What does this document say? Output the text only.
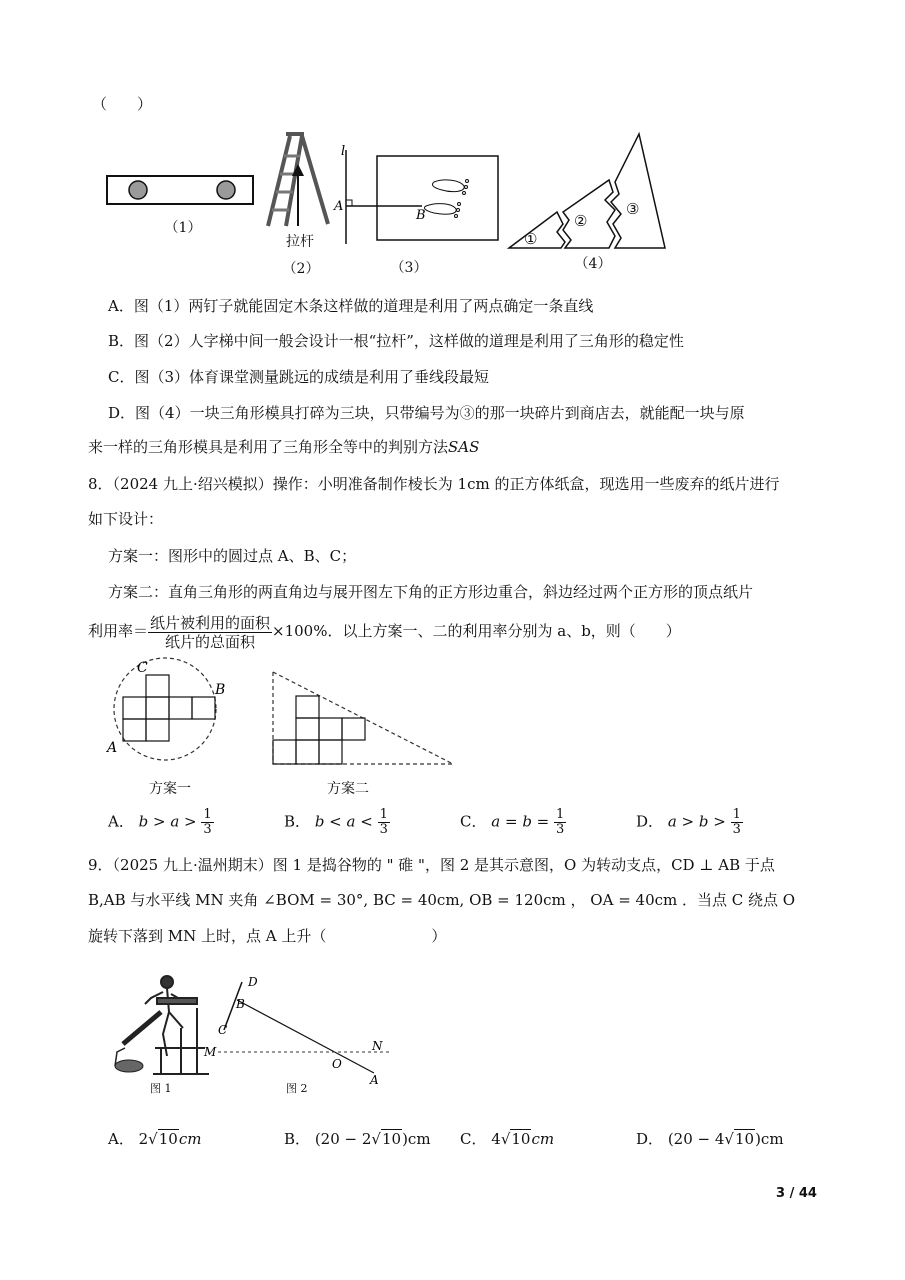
（　　）
（1）
拉杆
（2）
l
A
B
（3）
①
②
③
（4）
A．图（1）两钉子就能固定木条这样做的道理是利用了两点确定一条直线
B．图（2）人字梯中间一般会设计一根“拉杆”，这样做的道理是利用了三角形的稳定性
C．图（3）体育课堂测量跳远的成绩是利用了垂线段最短
D．图（4）一块三角形模具打碎为三块，只带编号为③的那一块碎片到商店去，就能配一块与原
来一样的三角形模具是利用了三角形全等中的判别方法SAS
8．（2024 九上·绍兴模拟）操作：小明准备制作棱长为 1cm 的正方体纸盒，现选用一些废弃的纸片进行
如下设计：
方案一：图形中的圆过点 A、B、C；
方案二：直角三角形的两直角边与展开图左下角的正方形边重合，斜边经过两个正方形的顶点纸片
利用率＝ $\frac{\text{纸片被利用的面积}}{\text{纸片的总面积}} \times 100\%$．以上方案一、二的利用率分别为 a、b，则（　　）
C
B
A
方案一	方案二
A． $b > a > \frac{1}{3}$	B． $b < a < \frac{1}{3}$	C． $a = b = \frac{1}{3}$	D． $a > b > \frac{1}{3}$
9．（2025 九上·温州期末）图 1 是捣谷物的 " 碓 "，图 2 是其示意图，O 为转动支点，CD ⊥ AB 于点
B,AB 与水平线 MN 夹角 ∠BOM = 30°, BC = 40cm, OB = 120cm ， OA = 40cm ．当点 C 绕点 O
旋转下落到 MN 上时，点 A 上升（　　　　　　　）
图 1
D
B
C
M	N
O
A
图 2
A． 2√10cm	B． (20 − 2√10)cm C． 4√10cm	D． (20 − 4√10)cm
3 / 44
